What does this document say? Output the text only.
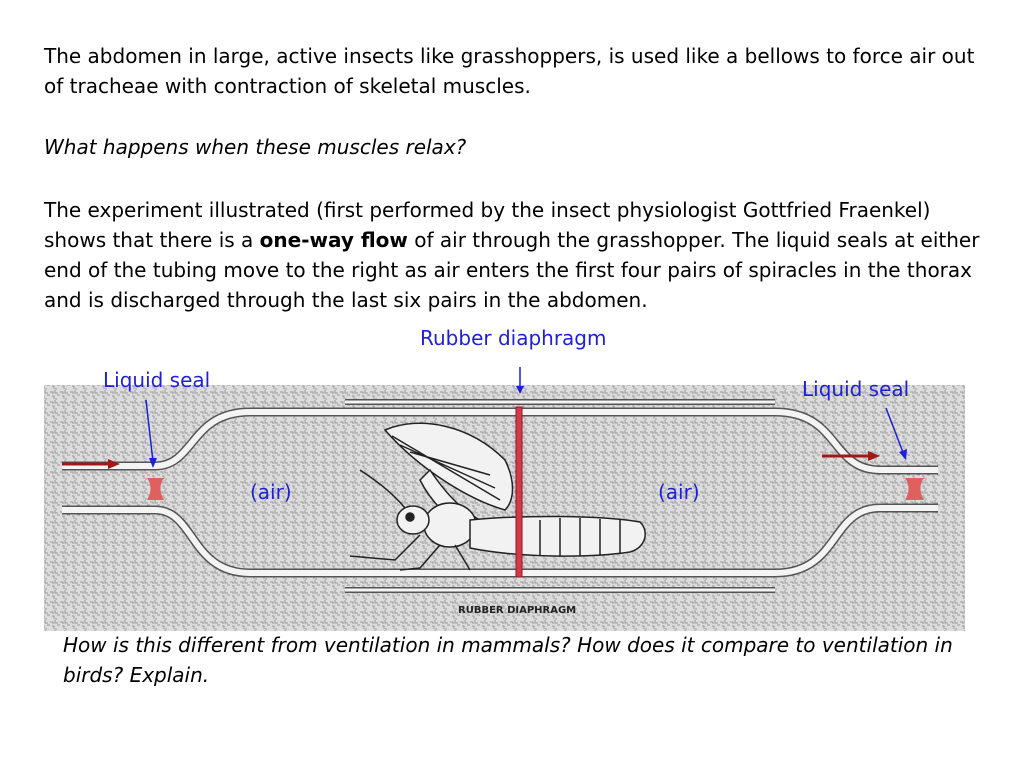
The abdomen in large, active insects like grasshoppers, is used like a bellows to force air out of tracheae with contraction of skeletal muscles.

What happens when these muscles relax?

The experiment illustrated (first performed by the insect physiologist Gottfried Fraenkel) shows that there is a one-way flow of air through the grasshopper. The liquid seals at either end of the tubing move to the right as air enters the first four pairs of spiracles in the thorax and is discharged through the last six pairs in the abdomen.

RUBBER DIAPHRAGM
Rubber diaphragm
Liquid seal	Liquid seal
(air)	(air)

How is this different from ventilation in mammals? How does it compare to ventilation in birds? Explain.
